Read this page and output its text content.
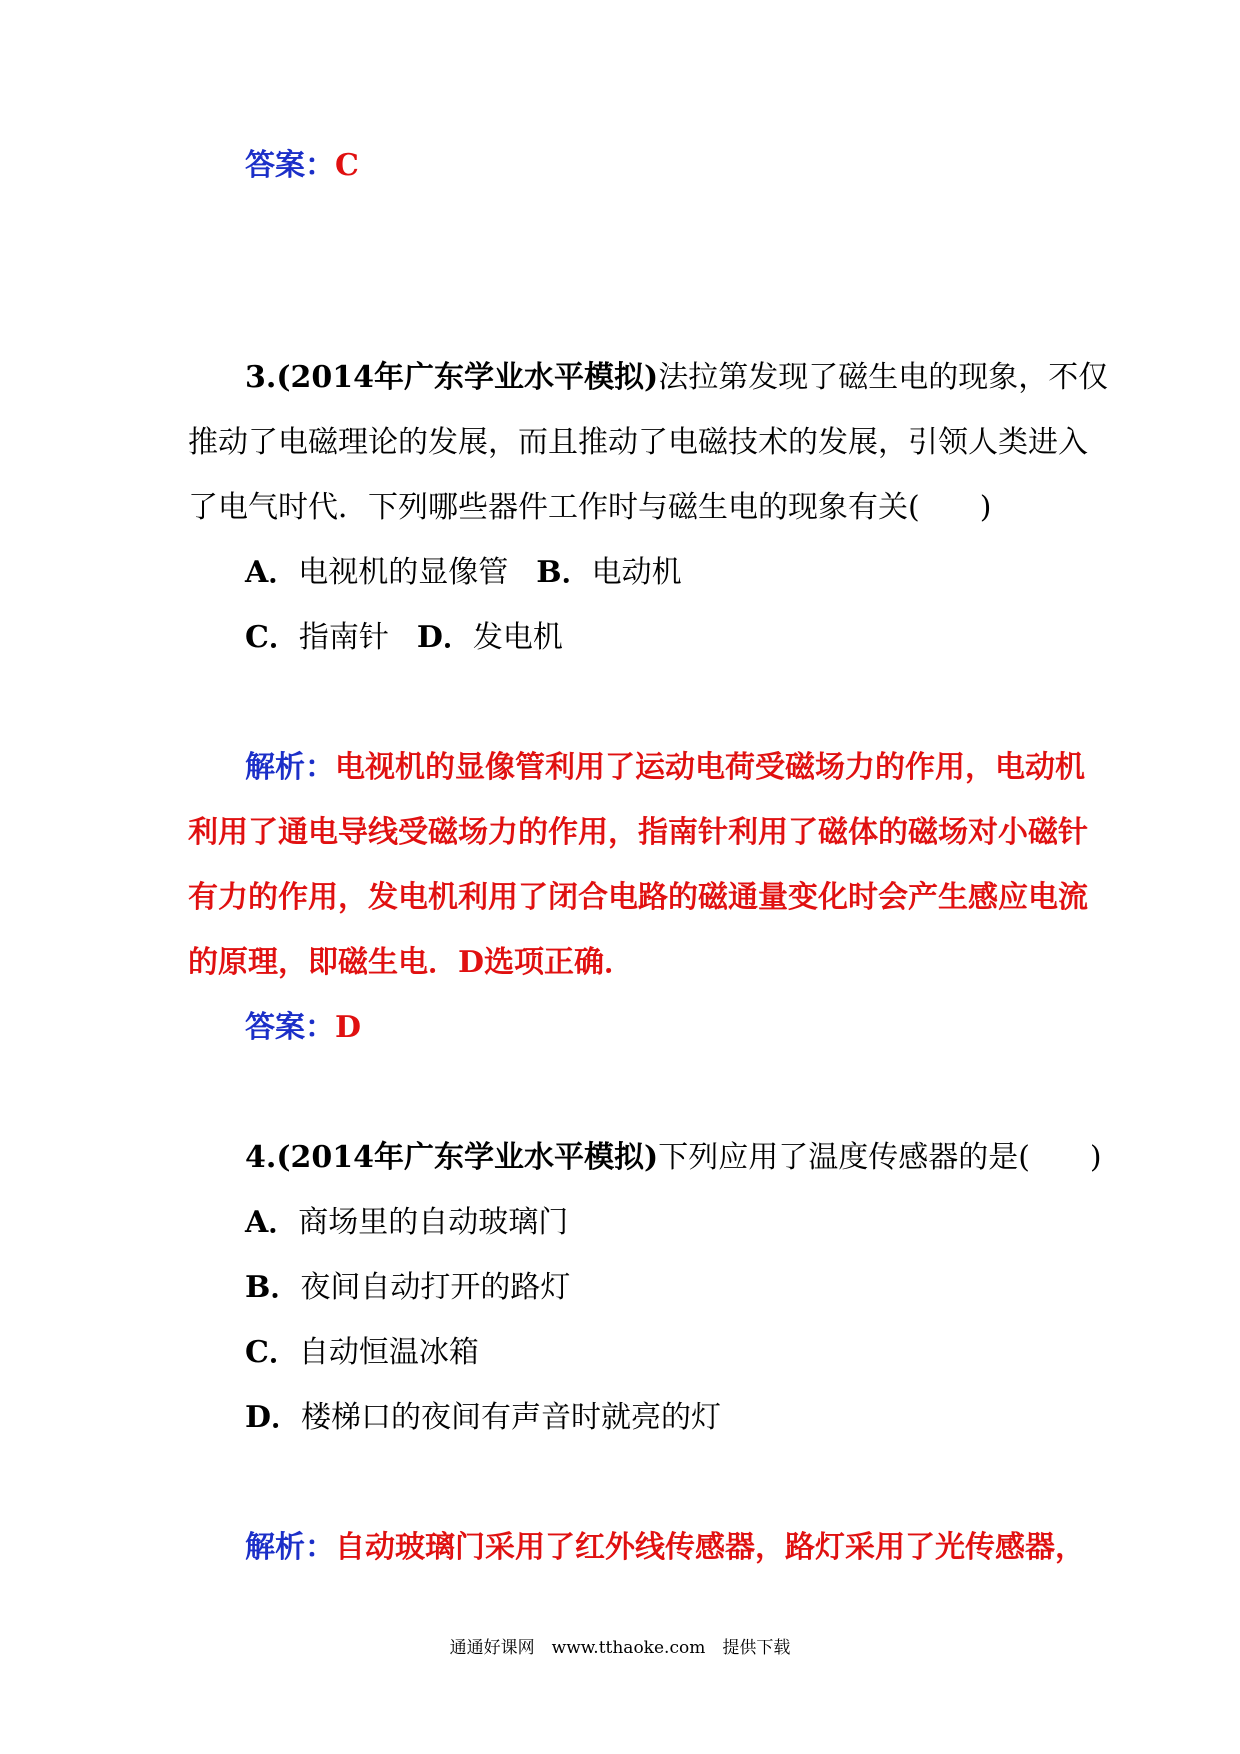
答案：C
3.(2014年广东学业水平模拟)法拉第发现了磁生电的现象，不仅
推动了电磁理论的发展，而且推动了电磁技术的发展，引领人类进入
了电气时代．下列哪些器件工作时与磁生电的现象有关(　　)
A．电视机的显像管 B．电动机
C．指南针 D．发电机
解析：电视机的显像管利用了运动电荷受磁场力的作用，电动机
利用了通电导线受磁场力的作用，指南针利用了磁体的磁场对小磁针
有力的作用，发电机利用了闭合电路的磁通量变化时会产生感应电流
的原理，即磁生电．D选项正确．
答案：D
4.(2014年广东学业水平模拟)下列应用了温度传感器的是(　　)
A．商场里的自动玻璃门
B．夜间自动打开的路灯
C．自动恒温冰箱
D．楼梯口的夜间有声音时就亮的灯
解析：自动玻璃门采用了红外线传感器，路灯采用了光传感器，
通通好课网　www.tthaoke.com　提供下载
